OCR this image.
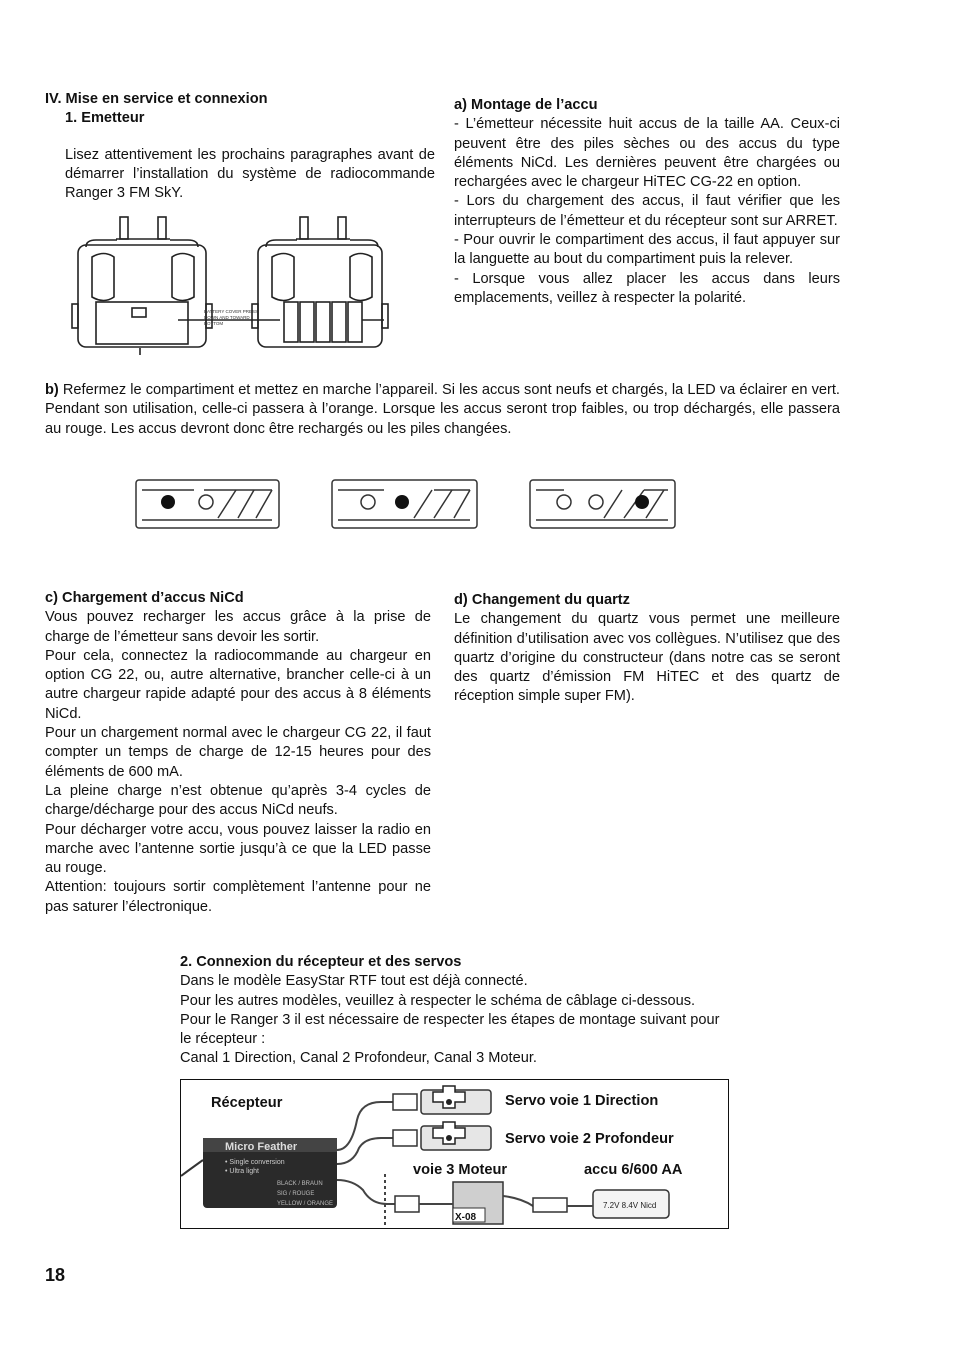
IV. Mise en service et connexion

1. Emetteur

Lisez attentivement les prochains paragraphes avant de démarrer l’installation du système de radiocommande Ranger 3 FM SkY.

BATTERY COVER PRESS
DOWN AND TOWARD
BOTTOM

a) Montage de l’accu

- L’émetteur nécessite huit accus de la taille AA. Ceux-ci peuvent être des piles sèches ou des accus du type éléments NiCd. Les dernières peuvent être chargées ou rechargées avec le chargeur HiTEC CG-22 en option.

- Lors du chargement des accus, il faut vérifier que les interrupteurs de l’émetteur et du récepteur sont sur ARRET.

- Pour ouvrir le compartiment des accus, il faut appuyer sur la languette au bout du compartiment puis la relever.

- Lorsque vous allez placer les accus dans leurs emplacements, veillez à respecter la polarité.

b) Refermez le compartiment et mettez en marche l’appareil. Si les accus sont neufs et chargés, la LED va éclairer en vert. Pendant son utilisation, celle-ci passera à l’orange. Lorsque les accus seront trop faibles, ou trop déchargés, elle passera au rouge. Les accus devront donc être rechargés ou les piles changées.

c) Chargement d’accus NiCd

Vous pouvez recharger les accus grâce à la prise de charge de l’émetteur sans devoir les sortir.

Pour cela, connectez la radiocommande au chargeur en option CG 22, ou, autre alternative, brancher celle-ci à un autre chargeur rapide adapté pour des accus à 8 éléments NiCd.

Pour un chargement normal avec le chargeur CG 22, il faut compter un temps de charge de 12-15 heures pour des éléments de 600 mA.

La pleine charge n’est obtenue qu’après 3-4 cycles de charge/décharge pour des accus NiCd neufs.

Pour décharger votre accu, vous pouvez laisser la radio en marche avec l’antenne sortie jusqu’à ce que la LED passe au rouge.

Attention: toujours sortir complètement l’antenne pour ne pas saturer l’électronique.

d) Changement du quartz

Le changement du quartz vous permet une meilleure définition d’utilisation avec vos collègues. N’utilisez que des quartz d’origine du constructeur (dans notre cas se seront des quartz d’émission FM HiTEC et des quartz de réception simple super FM).

2. Connexion du récepteur et des servos

Dans le modèle EasyStar RTF tout est déjà connecté.

Pour les autres modèles, veuillez à respecter le schéma de câblage ci-dessous.

Pour le Ranger 3 il est nécessaire de respecter les étapes de montage suivant pour le récepteur :

Canal 1 Direction, Canal 2 Profondeur, Canal 3 Moteur.

Micro Feather
• Single conversion
• Ultra light
BLACK / BRAUN
SIG / ROUGE
YELLOW / ORANGE
X-08
7.2V 8.4V Nicd
Récepteur	Servo voie 1 Direction
Servo voie 2 Profondeur
voie 3 Moteur	accu 6/600 AA
18
